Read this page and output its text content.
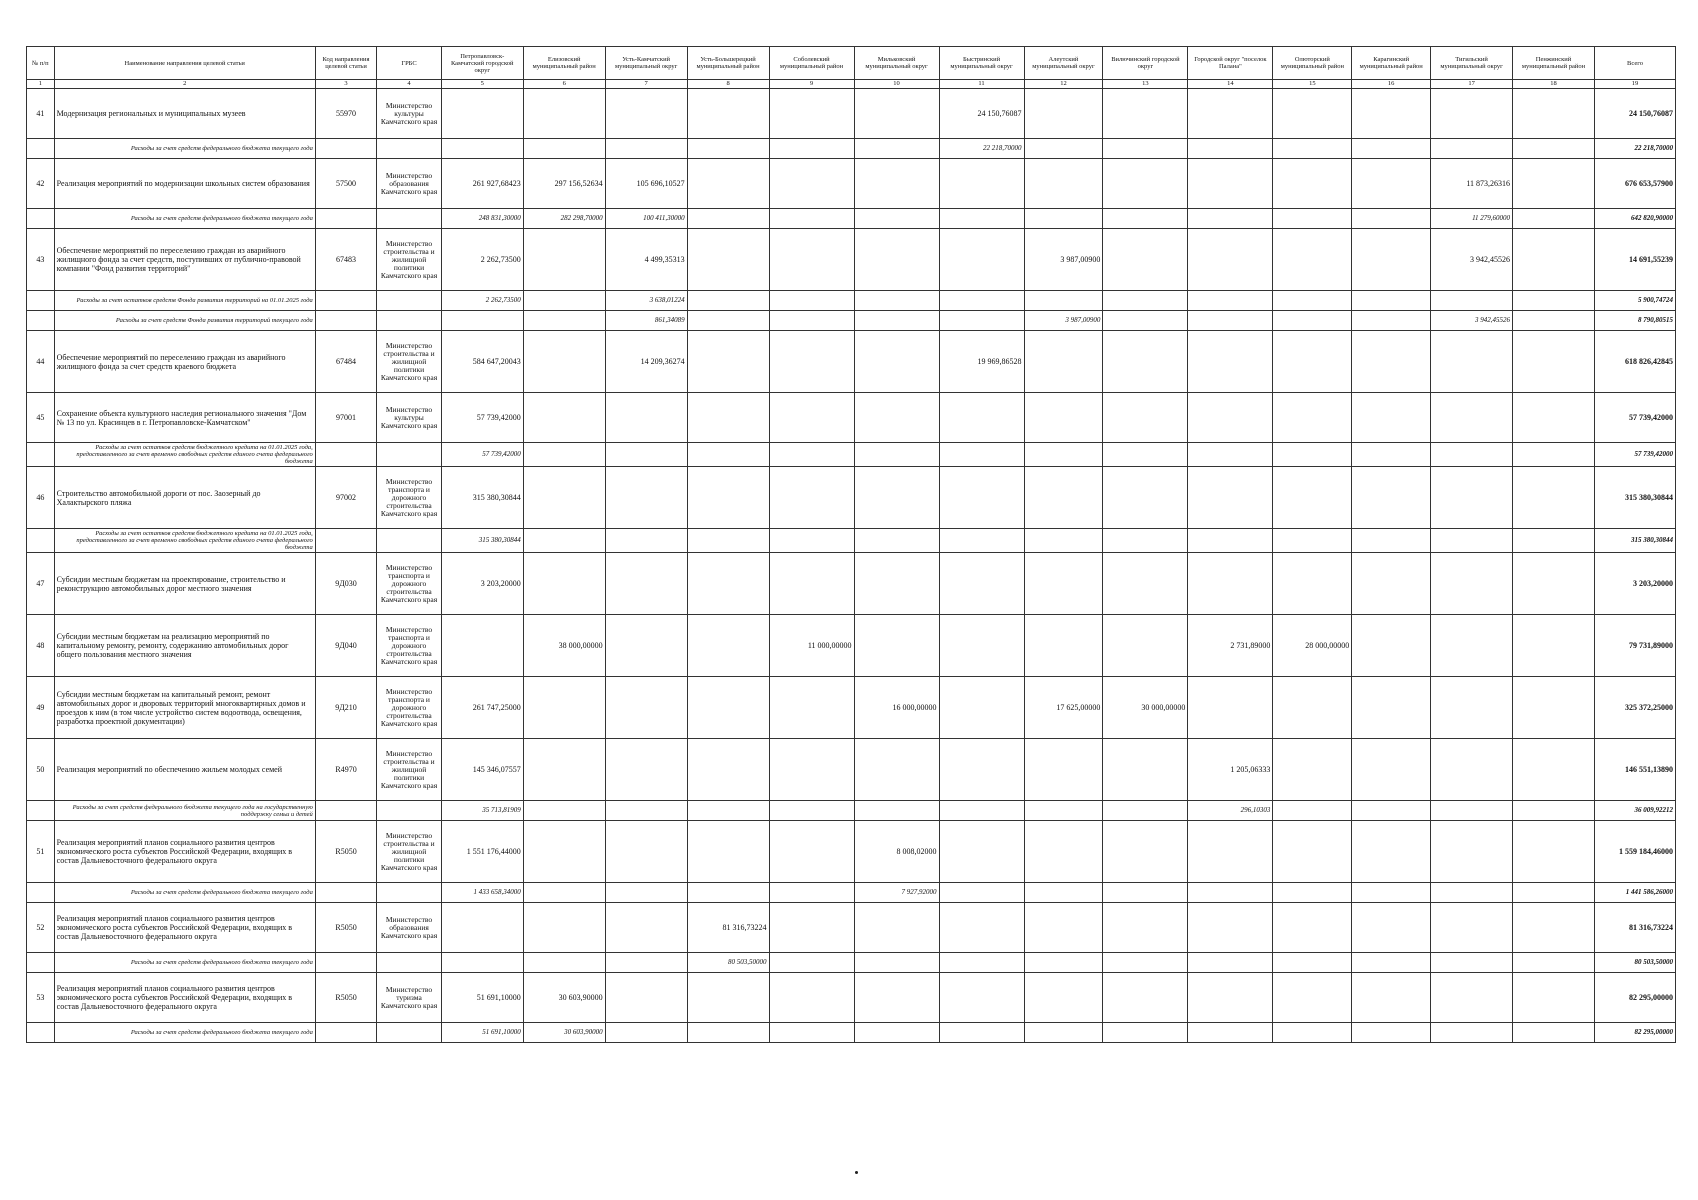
№ п/п	Наименование направления целевой статьи	Код направления целевой статьи	ГРБС	Петропавловск-Камчатский городской округ	Елизовский муниципальный район	Усть-Камчатский муниципальный округ	Усть-Большерецкий муниципальный район	Соболевский муниципальный район	Мильковский муниципальный округ	Быстринский муниципальный округ	Алеутский муниципальный округ	Вилючинский городской округ	Городской округ "поселок Палана"	Олюторский муниципальный район	Карагинский муниципальный район	Тигильский муниципальный округ	Пенжинский муниципальный район	Всего
1	2	3	4	5	6	7	8	9	10	11	12	13	14	15	16	17	18	19
41	Модернизация региональных и муниципальных музеев	55970	Министерство культуры Камчатского края							24 150,76087								24 150,76087
	Расходы за счет средств федерального бюджета текущего года									22 218,70000								22 218,70000
42	Реализация мероприятий по модернизации школьных систем образования	57500	Министерство образования Камчатского края	261 927,68423	297 156,52634	105 696,10527										11 873,26316		676 653,57900
	Расходы за счет средств федерального бюджета текущего года			248 831,30000	282 298,70000	100 411,30000										11 279,60000		642 820,90000
43	Обеспечение мероприятий по переселению граждан из аварийного жилищного фонда за счет средств, поступивших от публично-правовой компании "Фонд развития территорий"	67483	Министерство строительства и жилищной политики Камчатского края	2 262,73500		4 499,35313					3 987,00900					3 942,45526		14 691,55239
	Расходы за счет остатков средств Фонда развития территорий на 01.01.2025 года			2 262,73500		3 638,01224												5 900,74724
	Расходы за счет средств Фонда развития территорий текущего года					861,34089					3 987,00900					3 942,45526		8 790,80515
44	Обеспечение мероприятий по переселению граждан из аварийного жилищного фонда за счет средств краевого бюджета	67484	Министерство строительства и жилищной политики Камчатского края	584 647,20043		14 209,36274				19 969,86528								618 826,42845
45	Сохранение объекта культурного наследия регионального значения "Дом № 13 по ул. Красинцев в г. Петропавловске-Камчатском"	97001	Министерство культуры Камчатского края	57 739,42000														57 739,42000
	Расходы за счет остатков средств бюджетного кредита на 01.01.2025 года, предоставленного за счет временно свободных средств единого счета федерального бюджета			57 739,42000														57 739,42000
46	Строительство автомобильной дороги от пос. Заозерный до Халактырского пляжа	97002	Министерство транспорта и дорожного строительства Камчатского края	315 380,30844														315 380,30844
	Расходы за счет остатков средств бюджетного кредита на 01.01.2025 года, предоставленного за счет временно свободных средств единого счета федерального бюджета			315 380,30844														315 380,30844
47	Субсидии местным бюджетам на проектирование, строительство и реконструкцию автомобильных дорог местного значения	9Д030	Министерство транспорта и дорожного строительства Камчатского края	3 203,20000														3 203,20000
48	Субсидии местным бюджетам на реализацию мероприятий по капитальному ремонту, ремонту, содержанию автомобильных дорог общего пользования местного значения	9Д040	Министерство транспорта и дорожного строительства Камчатского края		38 000,00000			11 000,00000					2 731,89000	28 000,00000				79 731,89000
49	Субсидии местным бюджетам на капитальный ремонт, ремонт автомобильных дорог и дворовых территорий многоквартирных домов и проездов к ним (в том числе устройство систем водоотвода, освещения, разработка проектной документации)	9Д210	Министерство транспорта и дорожного строительства Камчатского края	261 747,25000					16 000,00000		17 625,00000	30 000,00000						325 372,25000
50	Реализация мероприятий по обеспечению жильем молодых семей	R4970	Министерство строительства и жилищной политики Камчатского края	145 346,07557									1 205,06333					146 551,13890
	Расходы за счет средств федерального бюджета текущего года на государственную поддержку семьи и детей			35 713,81909									296,10303					36 009,92212
51	Реализация мероприятий планов социального развития центров экономического роста субъектов Российской Федерации, входящих в состав Дальневосточного федерального округа	R5050	Министерство строительства и жилищной политики Камчатского края	1 551 176,44000					8 008,02000									1 559 184,46000
	Расходы за счет средств федерального бюджета текущего года			1 433 658,34000					7 927,92000									1 441 586,26000
52	Реализация мероприятий планов социального развития центров экономического роста субъектов Российской Федерации, входящих в состав Дальневосточного федерального округа	R5050	Министерство образования Камчатского края				81 316,73224											81 316,73224
	Расходы за счет средств федерального бюджета текущего года						80 503,50000											80 503,50000
53	Реализация мероприятий планов социального развития центров экономического роста субъектов Российской Федерации, входящих в состав Дальневосточного федерального округа	R5050	Министерство туризма Камчатского края	51 691,10000	30 603,90000													82 295,00000
	Расходы за счет средств федерального бюджета текущего года			51 691,10000	30 603,90000													82 295,00000
